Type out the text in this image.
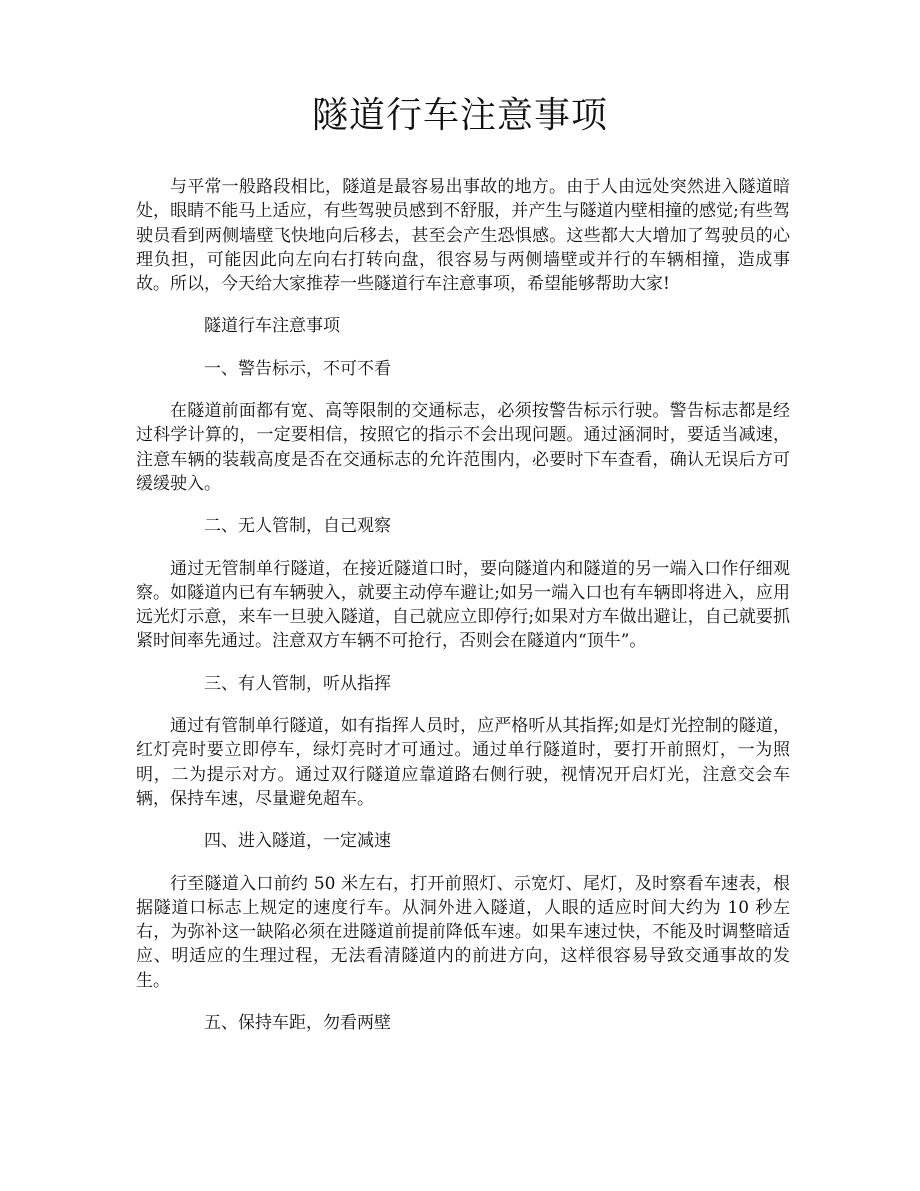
隧道行车注意事项

与平常一般路段相比，隧道是最容易出事故的地方。由于人由远处突然进入隧道暗处，眼睛不能马上适应，有些驾驶员感到不舒服，并产生与隧道内壁相撞的感觉;有些驾驶员看到两侧墙壁飞快地向后移去，甚至会产生恐惧感。这些都大大增加了驾驶员的心理负担，可能因此向左向右打转向盘，很容易与两侧墙壁或并行的车辆相撞，造成事故。所以，今天给大家推荐一些隧道行车注意事项，希望能够帮助大家!

隧道行车注意事项

一、警告标示，不可不看

在隧道前面都有宽、高等限制的交通标志，必须按警告标示行驶。警告标志都是经过科学计算的，一定要相信，按照它的指示不会出现问题。通过涵洞时，要适当减速，注意车辆的装载高度是否在交通标志的允许范围内，必要时下车查看，确认无误后方可缓缓驶入。

二、无人管制，自己观察

通过无管制单行隧道，在接近隧道口时，要向隧道内和隧道的另一端入口作仔细观察。如隧道内已有车辆驶入，就要主动停车避让;如另一端入口也有车辆即将进入，应用远光灯示意，来车一旦驶入隧道，自己就应立即停行;如果对方车做出避让，自己就要抓紧时间率先通过。注意双方车辆不可抢行，否则会在隧道内“顶牛”。

三、有人管制，听从指挥

通过有管制单行隧道，如有指挥人员时，应严格听从其指挥;如是灯光控制的隧道，红灯亮时要立即停车，绿灯亮时才可通过。通过单行隧道时，要打开前照灯，一为照明，二为提示对方。通过双行隧道应靠道路右侧行驶，视情况开启灯光，注意交会车辆，保持车速，尽量避免超车。

四、进入隧道，一定减速

行至隧道入口前约 50 米左右，打开前照灯、示宽灯、尾灯，及时察看车速表，根据隧道口标志上规定的速度行车。从洞外进入隧道，人眼的适应时间大约为 10 秒左右，为弥补这一缺陷必须在进隧道前提前降低车速。如果车速过快，不能及时调整暗适应、明适应的生理过程，无法看清隧道内的前进方向，这样很容易导致交通事故的发生。

五、保持车距，勿看两壁
